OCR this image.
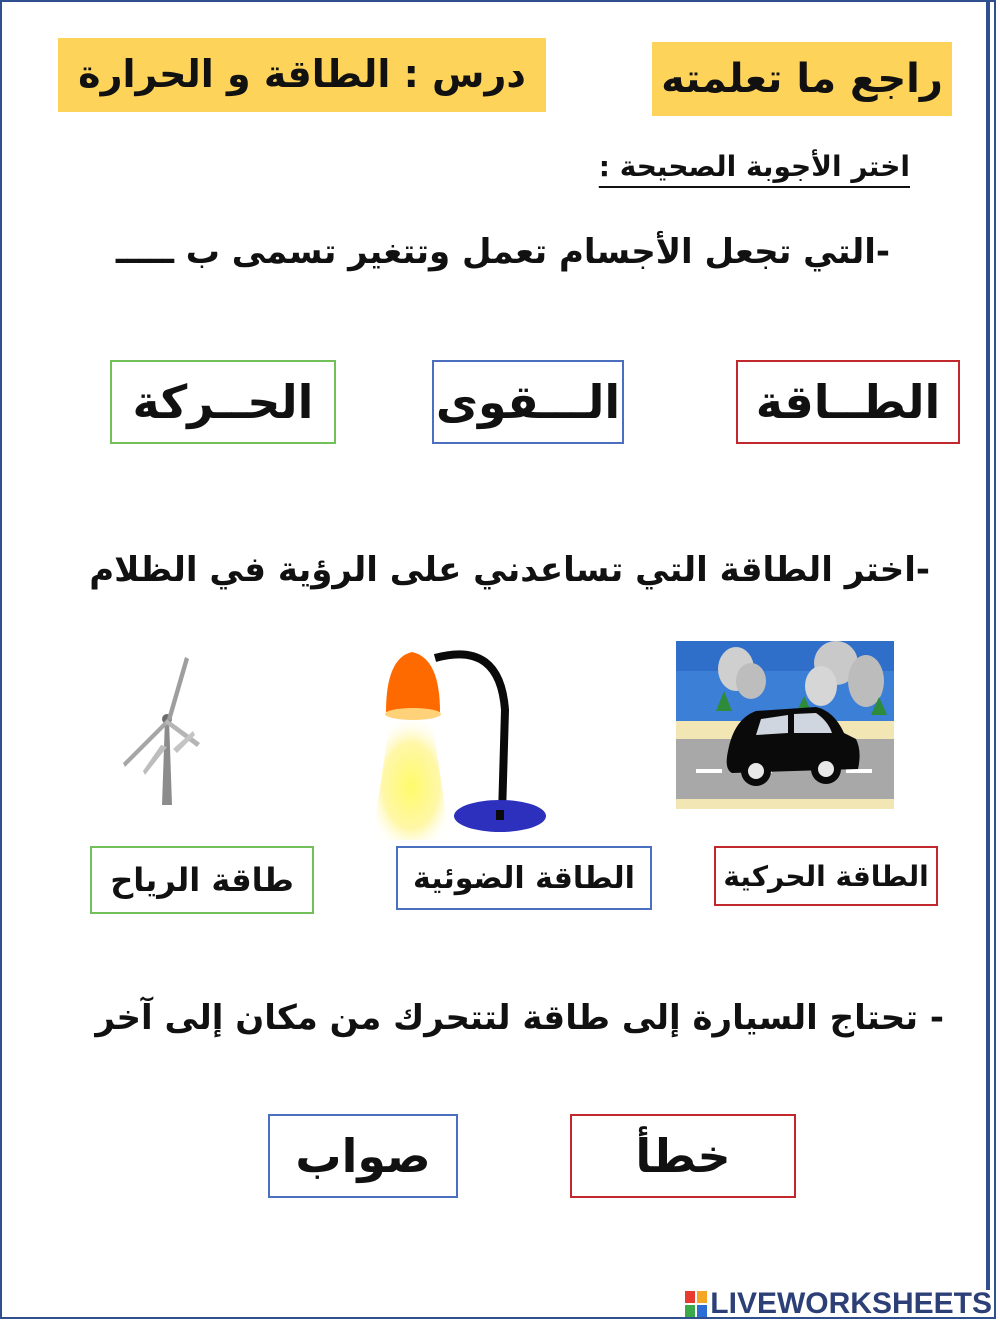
درس : الطاقة و الحرارة	راجع ما تعلمته
اختر الأجوبة الصحيحة :
-التي تجعل الأجسام تعمل وتتغير تسمى ب ـــــ
الطــاقة
الـــقوى
الحــركة
-اختر الطاقة التي تساعدني على الرؤية في الظلام
الطاقة الحركية
الطاقة الضوئية
طاقة الرياح
- تحتاج السيارة إلى طاقة لتتحرك من مكان إلى آخر
خطأ
صواب
LIVEWORKSHEETS
